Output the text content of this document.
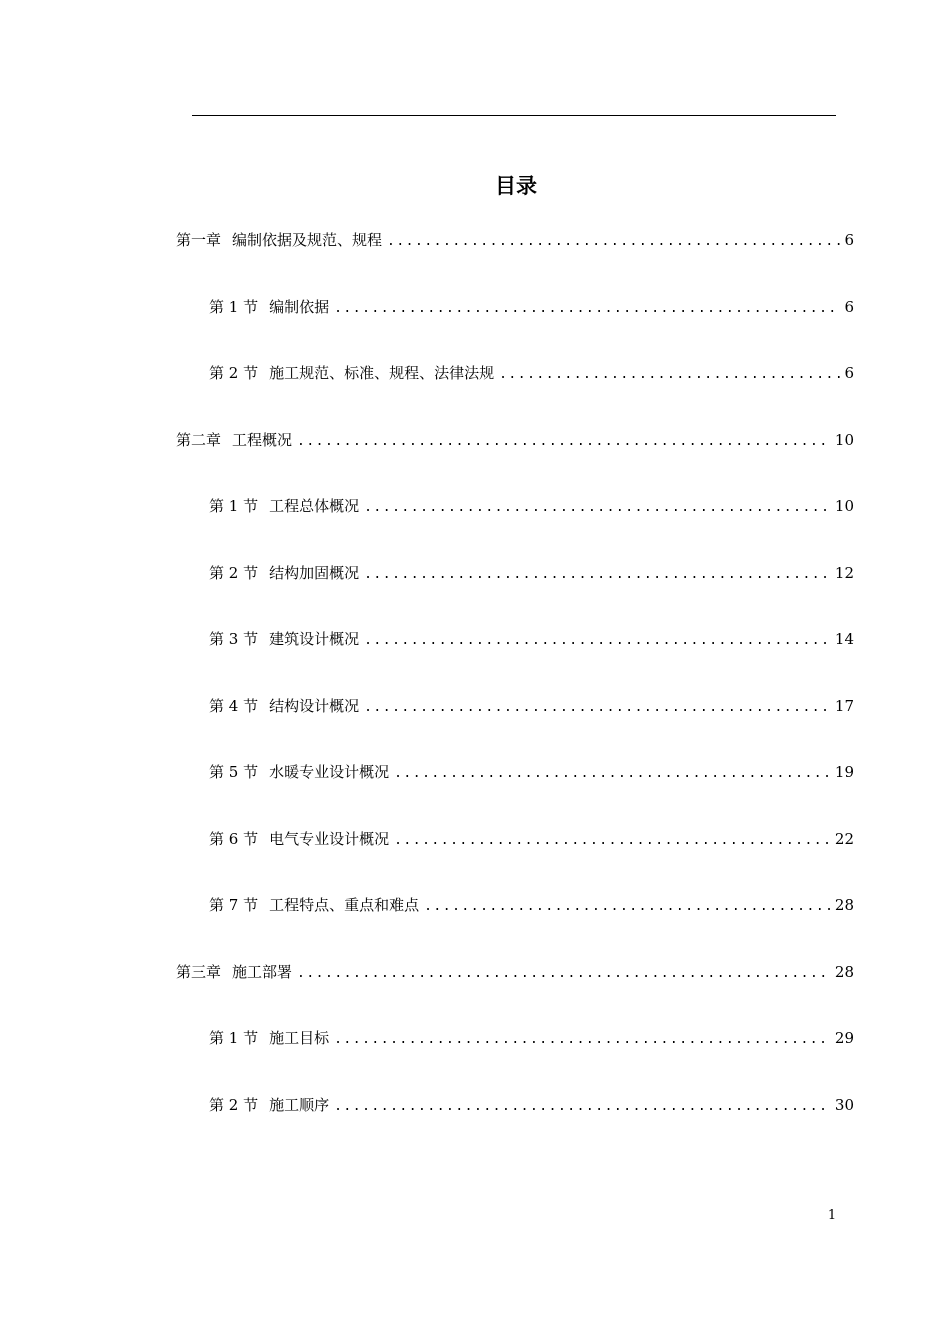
目录
第一章 编制依据及规范、规程 .....	6
第 1 节 编制依据 .....	6
第 2 节 施工规范、标准、规程、法律法规 .....	6
第二章 工程概况 .....	10
第 1 节 工程总体概况 .....	10
第 2 节 结构加固概况 .....	12
第 3 节 建筑设计概况 .....	14
第 4 节 结构设计概况 .....	17
第 5 节 水暖专业设计概况 .....	19
第 6 节 电气专业设计概况 .....	22
第 7 节 工程特点、重点和难点 .....	28
第三章 施工部署 .....	28
第 1 节 施工目标 .....	29
第 2 节 施工顺序 .....	30
1
